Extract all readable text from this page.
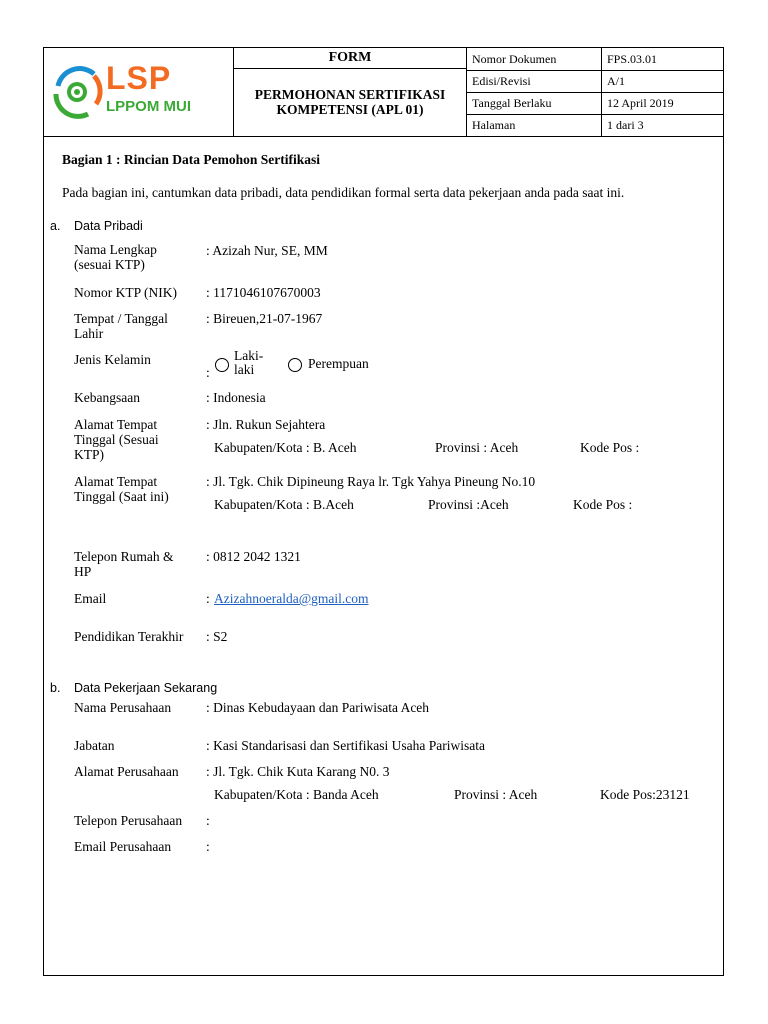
LSP
LPPOM MUI
FORM
PERMOHONAN SERTIFIKASI
KOMPETENSI (APL 01)
Nomor Dokumen	FPS.03.01
Edisi/Revisi	A/1
Tanggal Berlaku	12 April 2019
Halaman	1 dari 3
Bagian 1 : Rincian Data Pemohon Sertifikasi
Pada bagian ini, cantumkan data pribadi, data pendidikan formal serta data pekerjaan anda pada saat ini.
a. Data Pribadi
Nama Lengkap (sesuai KTP)
: Azizah Nur, SE, MM
Nomor KTP (NIK)	: 1171046107670003
Tempat / Tanggal Lahir
: Bireuen,21-07-1967
Jenis Kelamin
:
Laki-
laki	Perempuan
Kebangsaan	: Indonesia
Alamat Tempat Tinggal (Sesuai KTP)
: Jln. Rukun Sejahtera
Kabupaten/Kota : B. Aceh	Provinsi : Aceh	Kode Pos :
Alamat Tempat Tinggal (Saat ini)
: Jl. Tgk. Chik Dipineung Raya lr. Tgk Yahya Pineung No.10
Kabupaten/Kota : B.Aceh	Provinsi :Aceh	Kode Pos :
Telepon Rumah & HP
: 0812 2042 1321
Email	: Azizahnoeralda@gmail.com
Pendidikan Terakhir	: S2
b. Data Pekerjaan Sekarang
Nama Perusahaan	: Dinas Kebudayaan dan Pariwisata Aceh
Jabatan	: Kasi Standarisasi dan Sertifikasi Usaha Pariwisata
Alamat Perusahaan	: Jl. Tgk. Chik Kuta Karang N0. 3
Kabupaten/Kota : Banda Aceh	Provinsi : Aceh	Kode Pos:23121
Telepon Perusahaan	:
Email Perusahaan	:
